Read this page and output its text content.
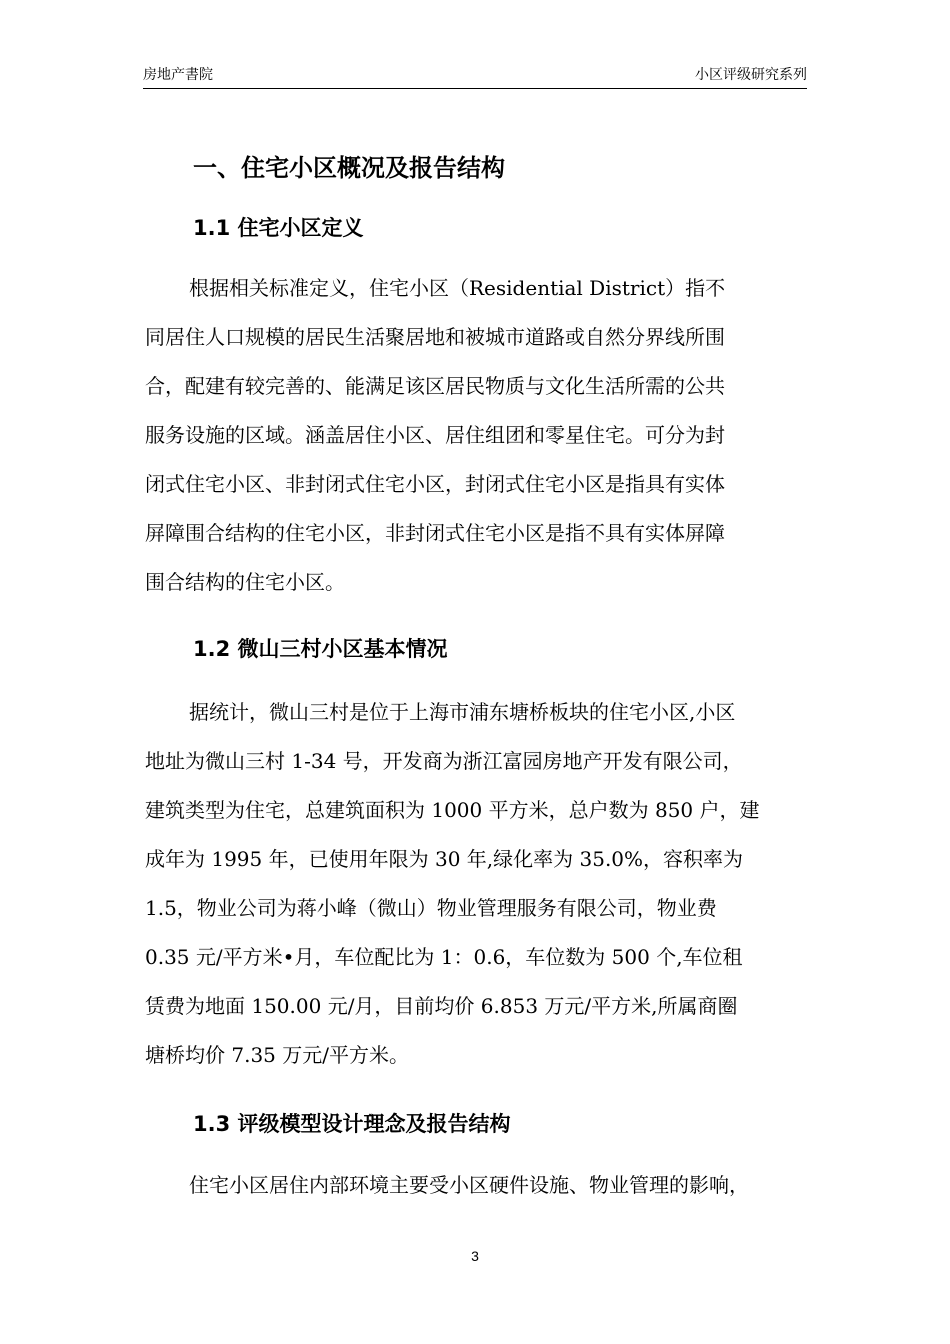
房地产書院	小区评级研究系列
一、住宅小区概况及报告结构
1.1 住宅小区定义
根据相关标准定义，住宅小区（Residential District）指不
同居住人口规模的居民生活聚居地和被城市道路或自然分界线所围
合，配建有较完善的、能满足该区居民物质与文化生活所需的公共
服务设施的区域。涵盖居住小区、居住组团和零星住宅。可分为封
闭式住宅小区、非封闭式住宅小区，封闭式住宅小区是指具有实体
屏障围合结构的住宅小区，非封闭式住宅小区是指不具有实体屏障
围合结构的住宅小区。
1.2 微山三村小区基本情况
据统计，微山三村是位于上海市浦东塘桥板块的住宅小区,小区
地址为微山三村 1-34 号，开发商为浙江富园房地产开发有限公司，
建筑类型为住宅，总建筑面积为 1000 平方米，总户数为 850 户，建
成年为 1995 年，已使用年限为 30 年,绿化率为 35.0%，容积率为
1.5，物业公司为蒋小峰（微山）物业管理服务有限公司，物业费
0.35 元/平方米•月，车位配比为 1：0.6，车位数为 500 个,车位租
赁费为地面 150.00 元/月，目前均价 6.853 万元/平方米,所属商圈
塘桥均价 7.35 万元/平方米。
1.3 评级模型设计理念及报告结构
住宅小区居住内部环境主要受小区硬件设施、物业管理的影响，
3
